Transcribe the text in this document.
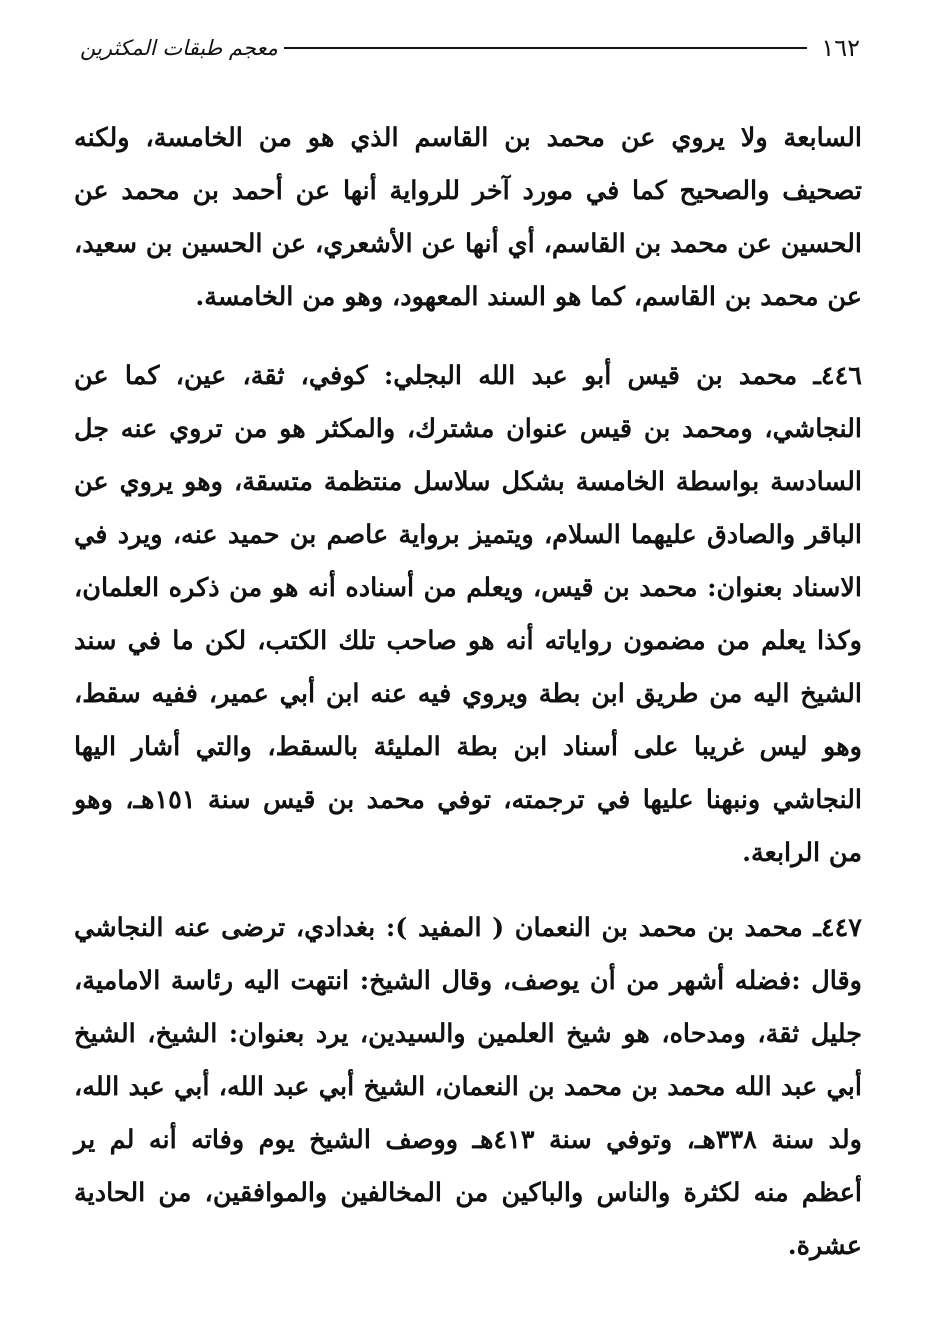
١٦٢
معجم طبقات المكثرين

السابعة ولا يروي عن محمد بن القاسم الذي هو من الخامسة، ولكنه تصحيف والصحيح كما في مورد آخر للرواية أنها عن أحمد بن محمد عن الحسين عن محمد بن القاسم، أي أنها عن الأشعري، عن الحسين بن سعيد، عن محمد بن القاسم، كما هو السند المعهود، وهو من الخامسة.

٤٤٦ـ محمد بن قيس أبو عبد الله البجلي: كوفي، ثقة، عين، كما عن النجاشي، ومحمد بن قيس عنوان مشترك، والمكثر هو من تروي عنه جل السادسة بواسطة الخامسة بشكل سلاسل منتظمة متسقة، وهو يروي عن الباقر والصادق عليهما السلام، ويتميز برواية عاصم بن حميد عنه، ويرد في الاسناد بعنوان: محمد بن قيس، ويعلم من أسناده أنه هو من ذكره العلمان، وكذا يعلم من مضمون رواياته أنه هو صاحب تلك الكتب، لكن ما في سند الشيخ اليه من طريق ابن بطة ويروي فيه عنه ابن أبي عمير، ففيه سقط، وهو ليس غريبا على أسناد ابن بطة المليئة بالسقط، والتي أشار اليها النجاشي ونبهنا عليها في ترجمته، توفي محمد بن قيس سنة ١٥١هـ، وهو من الرابعة.

٤٤٧ـ محمد بن محمد بن النعمان ( المفيد ): بغدادي، ترضى عنه النجاشي وقال :فضله أشهر من أن يوصف، وقال الشيخ: انتهت اليه رئاسة الامامية، جليل ثقة، ومدحاه، هو شيخ العلمين والسيدين، يرد بعنوان: الشيخ، الشيخ أبي عبد الله محمد بن محمد بن النعمان، الشيخ أبي عبد الله، أبي عبد الله، ولد سنة ٣٣٨هـ، وتوفي سنة ٤١٣هـ ووصف الشيخ يوم وفاته أنه لم ير أعظم منه لكثرة والناس والباكين من المخالفين والموافقين، من الحادية عشرة.
